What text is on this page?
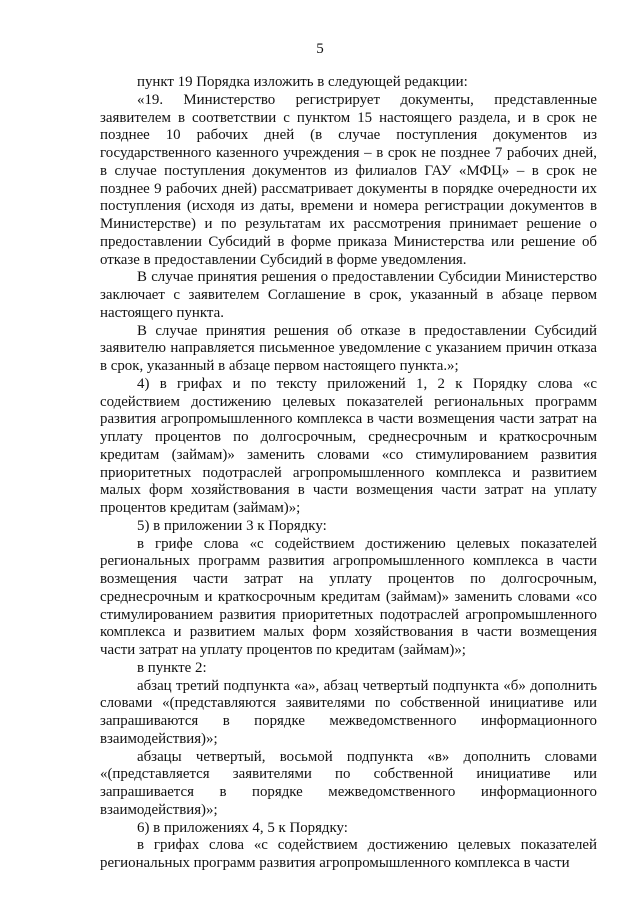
5

пункт 19 Порядка изложить в следующей редакции:

«19. Министерство регистрирует документы, представленные заявителем в соответствии с пунктом 15 настоящего раздела, и в срок не позднее 10 рабочих дней (в случае поступления документов из государственного казенного учреждения – в срок не позднее 7 рабочих дней, в случае поступления документов из филиалов ГАУ «МФЦ» – в срок не позднее 9 рабочих дней) рассматривает документы в порядке очередности их поступления (исходя из даты, времени и номера регистрации документов в Министерстве) и по результатам их рассмотрения принимает решение о предоставлении Субсидий в форме приказа Министерства или решение об отказе в предоставлении Субсидий в форме уведомления.

В случае принятия решения о предоставлении Субсидии Министерство заключает с заявителем Соглашение в срок, указанный в абзаце первом настоящего пункта.

В случае принятия решения об отказе в предоставлении Субсидий заявителю направляется письменное уведомление с указанием причин отказа в срок, указанный в абзаце первом настоящего пункта.»;

4) в грифах и по тексту приложений 1, 2 к Порядку слова «с содействием достижению целевых показателей региональных программ развития агропромышленного комплекса в части возмещения части затрат на уплату процентов по долгосрочным, среднесрочным и краткосрочным кредитам (займам)» заменить словами «со стимулированием развития приоритетных подотраслей агропромышленного комплекса и развитием малых форм хозяйствования в части возмещения части затрат на уплату процентов кредитам (займам)»;

5) в приложении 3 к Порядку:

в грифе слова «с содействием достижению целевых показателей региональных программ развития агропромышленного комплекса в части возмещения части затрат на уплату процентов по долгосрочным, среднесрочным и краткосрочным кредитам (займам)» заменить словами «со стимулированием развития приоритетных подотраслей агропромышленного комплекса и развитием малых форм хозяйствования в части возмещения части затрат на уплату процентов по кредитам (займам)»;

в пункте 2:

абзац третий подпункта «а», абзац четвертый подпункта «б» дополнить словами «(представляются заявителями по собственной инициативе или запрашиваются в порядке межведомственного информационного взаимодействия)»;

абзацы четвертый, восьмой подпункта «в» дополнить словами «(представляется заявителями по собственной инициативе или запрашивается в порядке межведомственного информационного взаимодействия)»;

6) в приложениях 4, 5 к Порядку:

в грифах слова «с содействием достижению целевых показателей региональных программ развития агропромышленного комплекса в части
